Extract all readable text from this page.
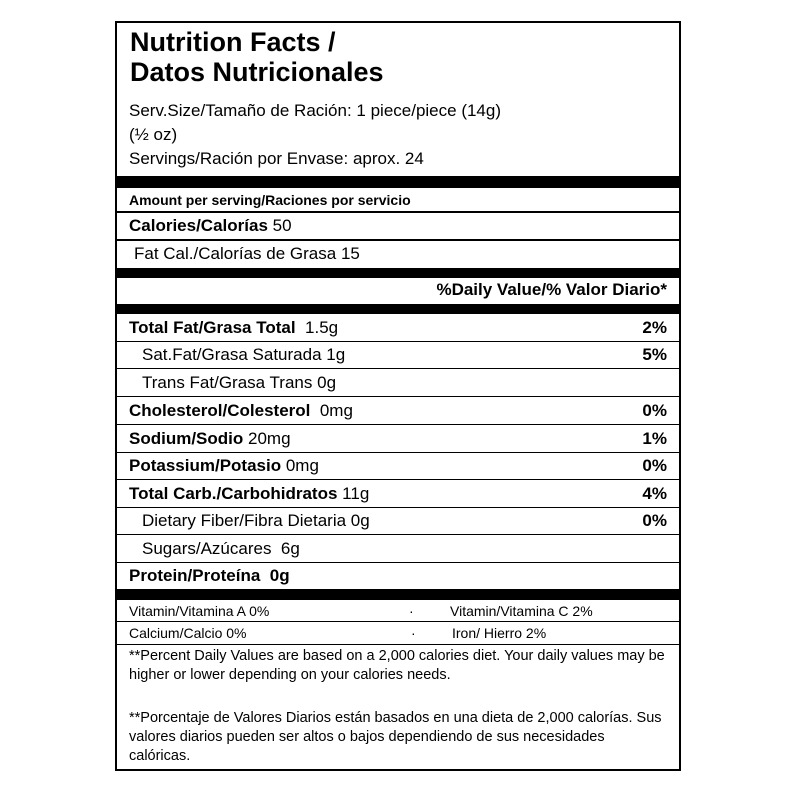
Nutrition Facts /
Datos Nutricionales
Serv.Size/Tamaño de Ración: 1 piece/piece (14g)
(½ oz)
Servings/Ración por Envase: aprox. 24
Amount per serving/Raciones por servicio
Calories/Calorías 50
Fat Cal./Calorías de Grasa 15
%Daily Value/% Valor Diario*
Total Fat/Grasa Total 1.5g	2%
Sat.Fat/Grasa Saturada 1g	5%
Trans Fat/Grasa Trans 0g
Cholesterol/Colesterol 0mg	0%
Sodium/Sodio 20mg	1%
Potassium/Potasio 0mg	0%
Total Carb./Carbohidratos 11g	4%
Dietary Fiber/Fibra Dietaria 0g	0%
Sugars/Azúcares 6g
Protein/Proteína 0g
Vitamin/Vitamina A 0%	·	Vitamin/Vitamina C 2%
Calcium/Calcio 0%	·	Iron/ Hierro 2%
**Percent Daily Values are based on a 2,000 calories diet. Your daily values may be higher or lower depending on your calories needs.
**Porcentaje de Valores Diarios están basados en una dieta de 2,000 calorías. Sus valores diarios pueden ser altos o bajos dependiendo de sus necesidades calóricas.
